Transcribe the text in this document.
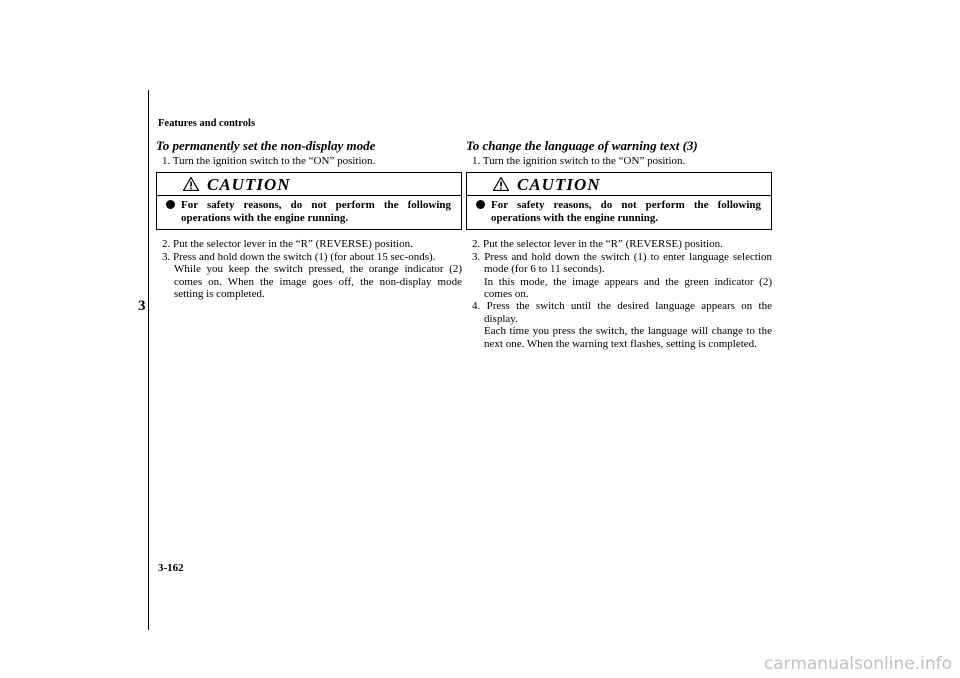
Features and controls
3

To permanently set the non-display mode

1. Turn the ignition switch to the “ON” position.

CAUTION
For safety reasons, do not perform the following operations with the engine running.

2. Put the selector lever in the “R” (REVERSE) position.

3. Press and hold down the switch (1) (for about 15 sec-onds).

While you keep the switch pressed, the orange indicator (2) comes on. When the image goes off, the non-display mode setting is completed.

To change the language of warning text (3)

1. Turn the ignition switch to the “ON” position.

CAUTION
For safety reasons, do not perform the following operations with the engine running.

2. Put the selector lever in the “R” (REVERSE) position.

3. Press and hold down the switch (1) to enter language selection mode (for 6 to 11 seconds).

In this mode, the image appears and the green indicator (2) comes on.

4. Press the switch until the desired language appears on the display.

Each time you press the switch, the language will change to the next one. When the warning text flashes, setting is completed.

3-162
carmanualsonline.info
